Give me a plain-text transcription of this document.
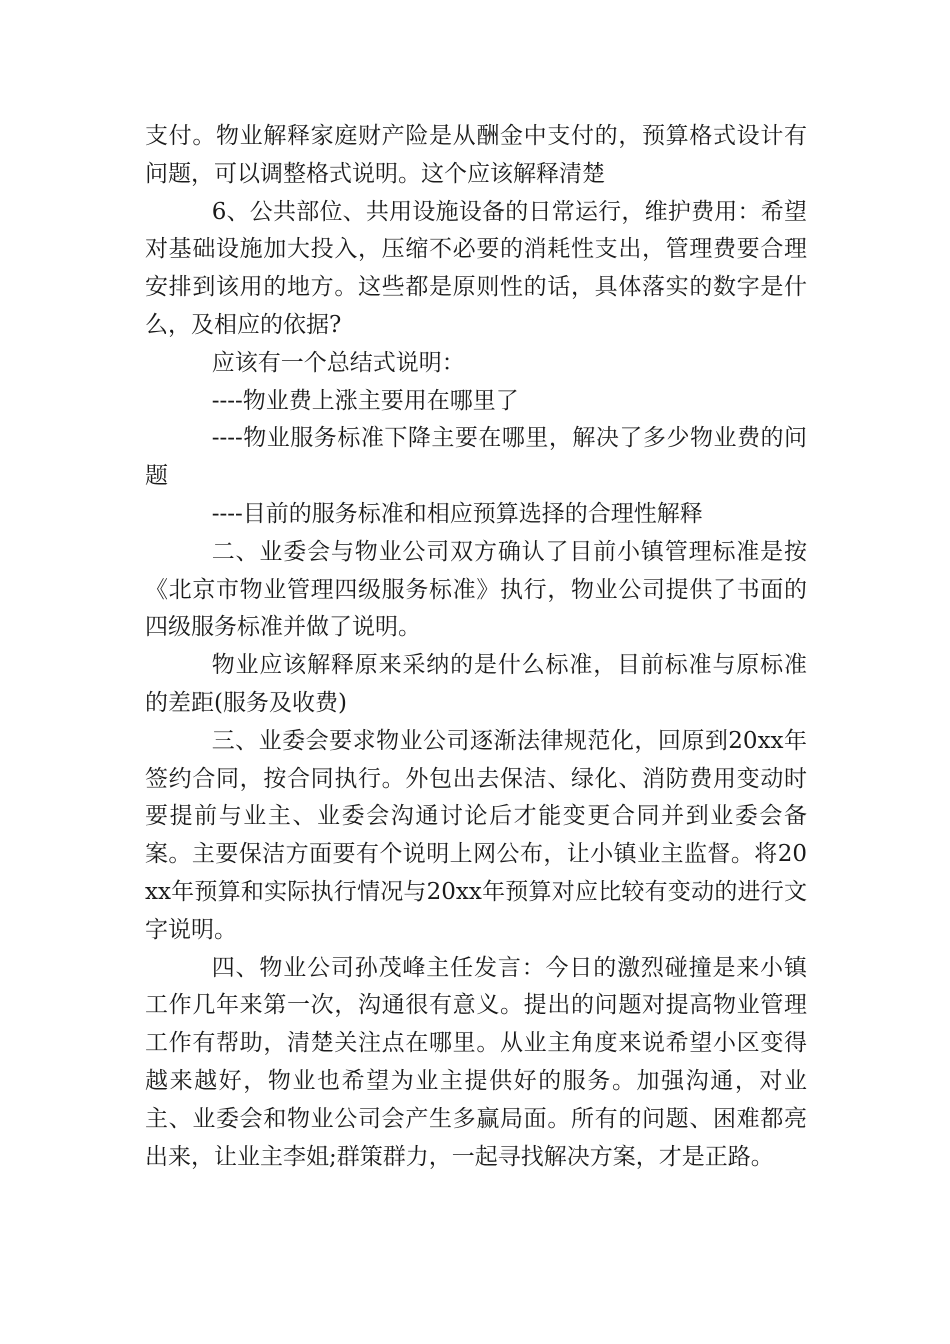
支付。物业解释家庭财产险是从酬金中支付的，预算格式设计有问题，可以调整格式说明。这个应该解释清楚

6、公共部位、共用设施设备的日常运行，维护费用：希望对基础设施加大投入，压缩不必要的消耗性支出，管理费要合理安排到该用的地方。这些都是原则性的话，具体落实的数字是什么，及相应的依据?

应该有一个总结式说明：

----物业费上涨主要用在哪里了

----物业服务标准下降主要在哪里，解决了多少物业费的问题

----目前的服务标准和相应预算选择的合理性解释

二、业委会与物业公司双方确认了目前小镇管理标准是按《北京市物业管理四级服务标准》执行，物业公司提供了书面的四级服务标准并做了说明。

物业应该解释原来采纳的是什么标准，目前标准与原标准的差距(服务及收费)

三、业委会要求物业公司逐渐法律规范化，回原到20xx年签约合同，按合同执行。外包出去保洁、绿化、消防费用变动时要提前与业主、业委会沟通讨论后才能变更合同并到业委会备案。主要保洁方面要有个说明上网公布，让小镇业主监督。将20xx年预算和实际执行情况与20xx年预算对应比较有变动的进行文字说明。

四、物业公司孙茂峰主任发言：今日的激烈碰撞是来小镇工作几年来第一次，沟通很有意义。提出的问题对提高物业管理工作有帮助，清楚关注点在哪里。从业主角度来说希望小区变得越来越好，物业也希望为业主提供好的服务。加强沟通，对业主、业委会和物业公司会产生多赢局面。所有的问题、困难都亮出来，让业主李姐;群策群力，一起寻找解决方案，才是正路。
